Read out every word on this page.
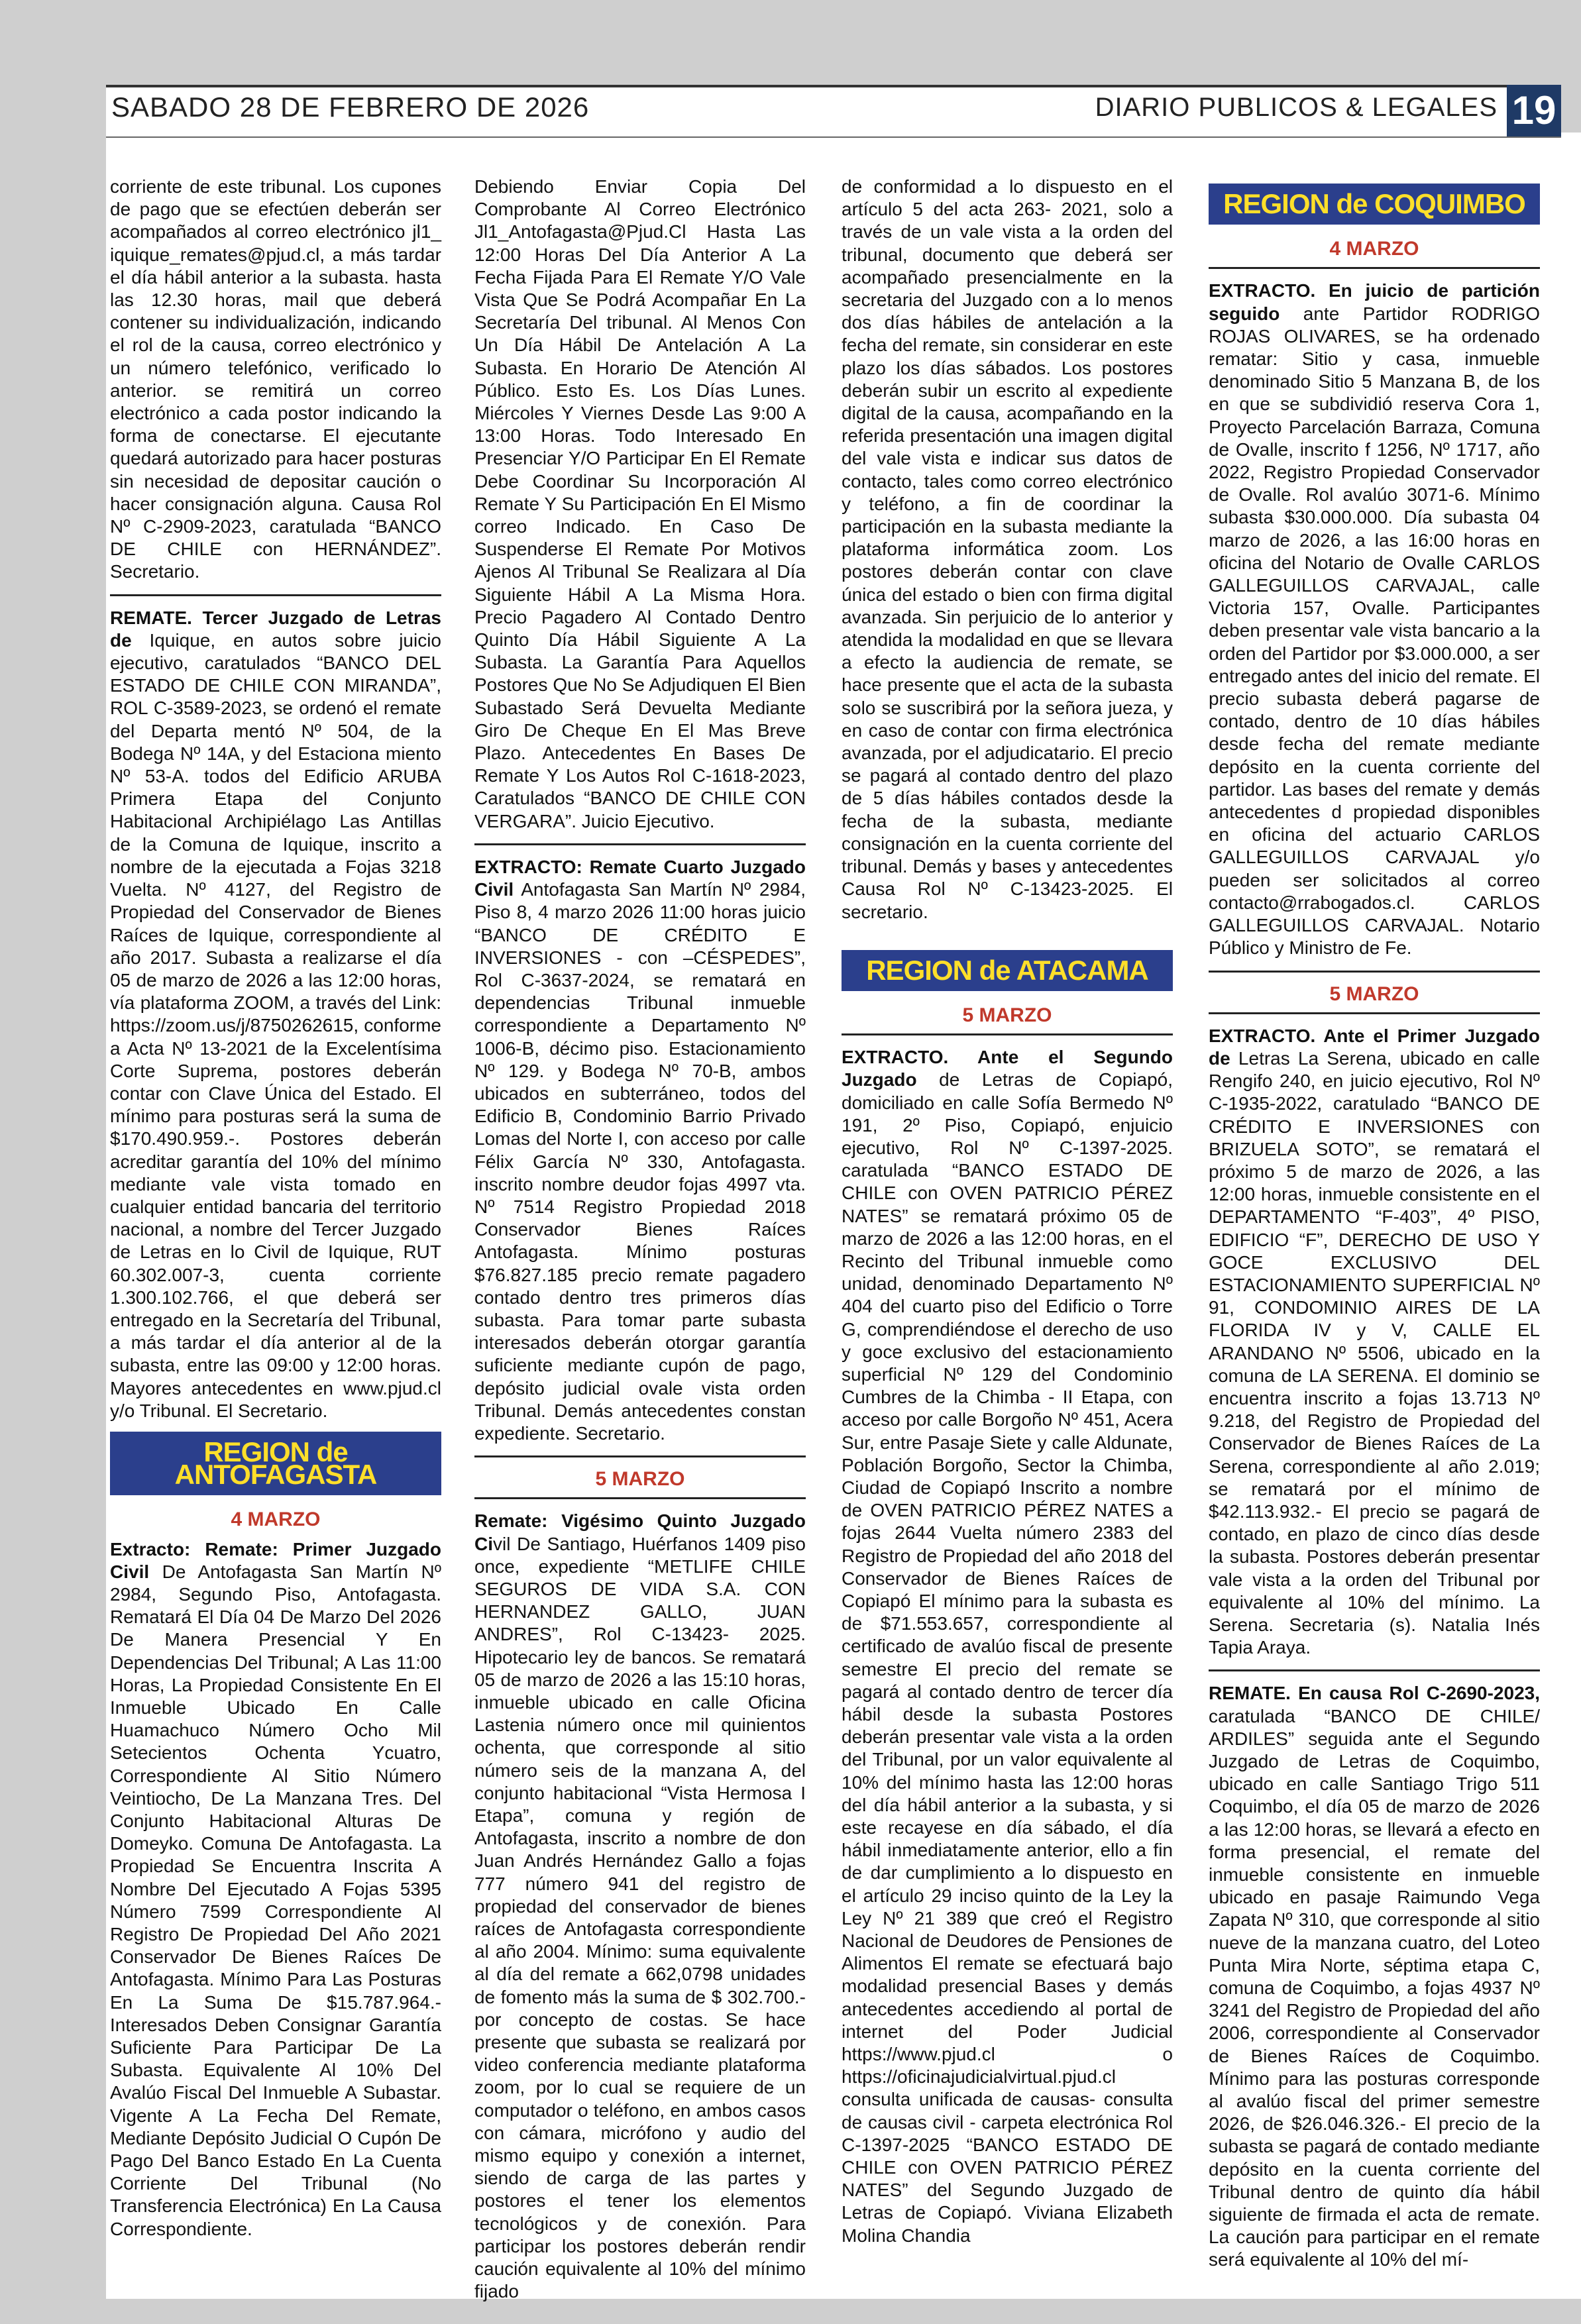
SABADO 28 DE FEBRERO DE 2026	DIARIO PUBLICOS & LEGALES 19

corriente de este tribunal. Los cupones de pago que se efectúen deberán ser acompañados al correo electrónico jl1_ iquique_remates@pjud.cl, a más tardar el día hábil anterior a la subasta. hasta las 12.30 horas, mail que deberá contener su individualización, indicando el rol de la causa, correo electrónico y un número telefónico, verificado lo anterior. se remitirá un correo electrónico a cada postor indicando la forma de conectarse. El ejecutante quedará autorizado para hacer posturas sin necesidad de depositar caución o hacer consignación alguna. Causa Rol Nº C-2909-2023, caratulada “BANCO DE CHILE con HERNÁNDEZ”. Secretario.

REMATE. Tercer Juzgado de Letras de Iquique, en autos sobre juicio ejecutivo, caratulados “BANCO DEL ESTADO DE CHILE CON MIRANDA”, ROL C-3589-2023, se ordenó el remate del Departa mentó Nº 504, de la Bodega Nº 14A, y del Estaciona miento Nº 53-A. todos del Edificio ARUBA Primera Etapa del Conjunto Habitacional Archipiélago Las Antillas de la Comuna de Iquique, inscrito a nombre de la ejecutada a Fojas 3218 Vuelta. Nº 4127, del Registro de Propiedad del Conservador de Bienes Raíces de Iquique, correspondiente al año 2017. Subasta a realizarse el día 05 de marzo de 2026 a las 12:00 horas, vía plataforma ZOOM, a través del Link: https://zoom.us/j/8750262615, conforme a Acta Nº 13-2021 de la Excelentísima Corte Suprema, postores deberán contar con Clave Única del Estado. El mínimo para posturas será la suma de $170.490.959.-. Postores deberán acreditar garantía del 10% del mínimo mediante vale vista tomado en cualquier entidad bancaria del territorio nacional, a nombre del Tercer Juzgado de Letras en lo Civil de Iquique, RUT 60.302.007-3, cuenta corriente 1.300.102.766, el que deberá ser entregado en la Secretaría del Tribunal, a más tardar el día anterior al de la subasta, entre las 09:00 y 12:00 horas. Mayores antecedentes en www.pjud.cl y/o Tribunal. El Secretario.

REGION de ANTOFAGASTA
4 MARZO

Extracto: Remate: Primer Juzgado Civil De Antofagasta San Martín Nº 2984, Segundo Piso, Antofagasta. Rematará El Día 04 De Marzo Del 2026 De Manera Presencial Y En Dependencias Del Tribunal; A Las 11:00 Horas, La Propiedad Consistente En El Inmueble Ubicado En Calle Huamachuco Número Ocho Mil Setecientos Ochenta Ycuatro, Correspondiente Al Sitio Número Veintiocho, De La Manzana Tres. Del Conjunto Habitacional Alturas De Domeyko. Comuna De Antofagasta. La Propiedad Se Encuentra Inscrita A Nombre Del Ejecutado A Fojas 5395 Número 7599 Correspondiente Al Registro De Propiedad Del Año 2021 Conservador De Bienes Raíces De Antofagasta. Mínimo Para Las Posturas En La Suma De $15.787.964.- Interesados Deben Consignar Garantía Suficiente Para Participar De La Subasta. Equivalente Al 10% Del Avalúo Fiscal Del Inmueble A Subastar. Vigente A La Fecha Del Remate, Mediante Depósito Judicial O Cupón De Pago Del Banco Estado En La Cuenta Corriente Del Tribunal (No Transferencia Electrónica) En La Causa Correspondiente.

Debiendo Enviar Copia Del Comprobante Al Correo Electrónico Jl1_Antofagasta@Pjud.Cl Hasta Las 12:00 Horas Del Día Anterior A La Fecha Fijada Para El Remate Y/O Vale Vista Que Se Podrá Acompañar En La Secretaría Del tribunal. Al Menos Con Un Día Hábil De Antelación A La Subasta. En Horario De Atención Al Público. Esto Es. Los Días Lunes. Miércoles Y Viernes Desde Las 9:00 A 13:00 Horas. Todo Interesado En Presenciar Y/O Participar En El Remate Debe Coordinar Su Incorporación Al Remate Y Su Participación En El Mismo correo Indicado. En Caso De Suspenderse El Remate Por Motivos Ajenos Al Tribunal Se Realizara al Día Siguiente Hábil A La Misma Hora. Precio Pagadero Al Contado Dentro Quinto Día Hábil Siguiente A La Subasta. La Garantía Para Aquellos Postores Que No Se Adjudiquen El Bien Subastado Será Devuelta Mediante Giro De Cheque En El Mas Breve Plazo. Antecedentes En Bases De Remate Y Los Autos Rol C-1618-2023, Caratulados “BANCO DE CHILE CON VERGARA”. Juicio Ejecutivo.

EXTRACTO: Remate Cuarto Juzgado Civil Antofagasta San Martín Nº 2984, Piso 8, 4 marzo 2026 11:00 horas juicio “BANCO DE CRÉDITO E INVERSIONES - con –CÉSPEDES”, Rol C-3637-2024, se rematará en dependencias Tribunal inmueble correspondiente a Departamento Nº 1006-B, décimo piso. Estacionamiento Nº 129. y Bodega Nº 70-B, ambos ubicados en subterráneo, todos del Edificio B, Condominio Barrio Privado Lomas del Norte I, con acceso por calle Félix García Nº 330, Antofagasta. inscrito nombre deudor fojas 4997 vta. Nº 7514 Registro Propiedad 2018 Conservador Bienes Raíces Antofagasta. Mínimo posturas $76.827.185 precio remate pagadero contado dentro tres primeros días subasta. Para tomar parte subasta interesados deberán otorgar garantía suficiente mediante cupón de pago, depósito judicial ovale vista orden Tribunal. Demás antecedentes constan expediente. Secretario.

5 MARZO

Remate: Vigésimo Quinto Juzgado Civil De Santiago, Huérfanos 1409 piso once, expediente “METLIFE CHILE SEGUROS DE VIDA S.A. CON HERNANDEZ GALLO, JUAN ANDRES”, Rol C-13423- 2025. Hipotecario ley de bancos. Se rematará 05 de marzo de 2026 a las 15:10 horas, inmueble ubicado en calle Oficina Lastenia número once mil quinientos ochenta, que corresponde al sitio número seis de la manzana A, del conjunto habitacional “Vista Hermosa I Etapa”, comuna y región de Antofagasta, inscrito a nombre de don Juan Andrés Hernández Gallo a fojas 777 número 941 del registro de propiedad del conservador de bienes raíces de Antofagasta correspondiente al año 2004. Mínimo: suma equivalente al día del remate a 662,0798 unidades de fomento más la suma de $ 302.700.- por concepto de costas. Se hace presente que subasta se realizará por video conferencia mediante plataforma zoom, por lo cual se requiere de un computador o teléfono, en ambos casos con cámara, micrófono y audio del mismo equipo y conexión a internet, siendo de carga de las partes y postores el tener los elementos tecnológicos y de conexión. Para participar los postores deberán rendir caución equivalente al 10% del mínimo fijado

de conformidad a lo dispuesto en el artículo 5 del acta 263- 2021, solo a través de un vale vista a la orden del tribunal, documento que deberá ser acompañado presencialmente en la secretaria del Juzgado con a lo menos dos días hábiles de antelación a la fecha del remate, sin considerar en este plazo los días sábados. Los postores deberán subir un escrito al expediente digital de la causa, acompañando en la referida presentación una imagen digital del vale vista e indicar sus datos de contacto, tales como correo electrónico y teléfono, a fin de coordinar la participación en la subasta mediante la plataforma informática zoom. Los postores deberán contar con clave única del estado o bien con firma digital avanzada. Sin perjuicio de lo anterior y atendida la modalidad en que se llevara a efecto la audiencia de remate, se hace presente que el acta de la subasta solo se suscribirá por la señora jueza, y en caso de contar con firma electrónica avanzada, por el adjudicatario. El precio se pagará al contado dentro del plazo de 5 días hábiles contados desde la fecha de la subasta, mediante consignación en la cuenta corriente del tribunal. Demás y bases y antecedentes Causa Rol Nº C-13423-2025. El secretario.

REGION de ATACAMA
5 MARZO

EXTRACTO. Ante el Segundo Juzgado de Letras de Copiapó, domiciliado en calle Sofía Bermedo Nº 191, 2º Piso, Copiapó, enjuicio ejecutivo, Rol Nº C-1397-2025. caratulada “BANCO ESTADO DE CHILE con OVEN PATRICIO PÉREZ NATES” se rematará próximo 05 de marzo de 2026 a las 12:00 horas, en el Recinto del Tribunal inmueble como unidad, denominado Departamento Nº 404 del cuarto piso del Edificio o Torre G, comprendiéndose el derecho de uso y goce exclusivo del estacionamiento superficial Nº 129 del Condominio Cumbres de la Chimba - II Etapa, con acceso por calle Borgoño Nº 451, Acera Sur, entre Pasaje Siete y calle Aldunate, Población Borgoño, Sector la Chimba, Ciudad de Copiapó Inscrito a nombre de OVEN PATRICIO PÉREZ NATES a fojas 2644 Vuelta número 2383 del Registro de Propiedad del año 2018 del Conservador de Bienes Raíces de Copiapó El mínimo para la subasta es de $71.553.657, correspondiente al certificado de avalúo fiscal de presente semestre El precio del remate se pagará al contado dentro de tercer día hábil desde la subasta Postores deberán presentar vale vista a la orden del Tribunal, por un valor equivalente al 10% del mínimo hasta las 12:00 horas del día hábil anterior a la subasta, y si este recayese en día sábado, el día hábil inmediatamente anterior, ello a fin de dar cumplimiento a lo dispuesto en el artículo 29 inciso quinto de la Ley la Ley Nº 21 389 que creó el Registro Nacional de Deudores de Pensiones de Alimentos El remate se efectuará bajo modalidad presencial Bases y demás antecedentes accediendo al portal de internet del Poder Judicial https://www.pjud.cl o https://oficinajudicialvirtual.pjud.cl consulta unificada de causas- consulta de causas civil - carpeta electrónica Rol C-1397-2025 “BANCO ESTADO DE CHILE con OVEN PATRICIO PÉREZ NATES” del Segundo Juzgado de Letras de Copiapó. Viviana Elizabeth Molina Chandia

REGION de COQUIMBO
4 MARZO

EXTRACTO. En juicio de partición seguido ante Partidor RODRIGO ROJAS OLIVARES, se ha ordenado rematar: Sitio y casa, inmueble denominado Sitio 5 Manzana B, de los en que se subdividió reserva Cora 1, Proyecto Parcelación Barraza, Comuna de Ovalle, inscrito f 1256, Nº 1717, año 2022, Registro Propiedad Conservador de Ovalle. Rol avalúo 3071-6. Mínimo subasta $30.000.000. Día subasta 04 marzo de 2026, a las 16:00 horas en oficina del Notario de Ovalle CARLOS GALLEGUILLOS CARVAJAL, calle Victoria 157, Ovalle. Participantes deben presentar vale vista bancario a la orden del Partidor por $3.000.000, a ser entregado antes del inicio del remate. El precio subasta deberá pagarse de contado, dentro de 10 días hábiles desde fecha del remate mediante depósito en la cuenta corriente del partidor. Las bases del remate y demás antecedentes d propiedad disponibles en oficina del actuario CARLOS GALLEGUILLOS CARVAJAL y/o pueden ser solicitados al correo contacto@rrabogados.cl. CARLOS GALLEGUILLOS CARVAJAL. Notario Público y Ministro de Fe.

5 MARZO

EXTRACTO. Ante el Primer Juzgado de Letras La Serena, ubicado en calle Rengifo 240, en juicio ejecutivo, Rol Nº C-1935-2022, caratulado “BANCO DE CRÉDITO E INVERSIONES con BRIZUELA SOTO”, se rematará el próximo 5 de marzo de 2026, a las 12:00 horas, inmueble consistente en el DEPARTAMENTO “F-403”, 4º PISO, EDIFICIO “F”, DERECHO DE USO Y GOCE EXCLUSIVO DEL ESTACIONAMIENTO SUPERFICIAL Nº 91, CONDOMINIO AIRES DE LA FLORIDA IV y V, CALLE EL ARANDANO Nº 5506, ubicado en la comuna de LA SERENA. El dominio se encuentra inscrito a fojas 13.713 Nº 9.218, del Registro de Propiedad del Conservador de Bienes Raíces de La Serena, correspondiente al año 2.019; se rematará por el mínimo de $42.113.932.- El precio se pagará de contado, en plazo de cinco días desde la subasta. Postores deberán presentar vale vista a la orden del Tribunal por equivalente al 10% del mínimo. La Serena. Secretaria (s). Natalia Inés Tapia Araya.

REMATE. En causa Rol C-2690-2023, caratulada “BANCO DE CHILE/ ARDILES” seguida ante el Segundo Juzgado de Letras de Coquimbo, ubicado en calle Santiago Trigo 511 Coquimbo, el día 05 de marzo de 2026 a las 12:00 horas, se llevará a efecto en forma presencial, el remate del inmueble consistente en inmueble ubicado en pasaje Raimundo Vega Zapata Nº 310, que corresponde al sitio nueve de la manzana cuatro, del Loteo Punta Mira Norte, séptima etapa C, comuna de Coquimbo, a fojas 4937 Nº 3241 del Registro de Propiedad del año 2006, correspondiente al Conservador de Bienes Raíces de Coquimbo. Mínimo para las posturas corresponde al avalúo fiscal del primer semestre 2026, de $26.046.326.- El precio de la subasta se pagará de contado mediante depósito en la cuenta corriente del Tribunal dentro de quinto día hábil siguiente de firmada el acta de remate. La caución para participar en el remate será equivalente al 10% del mí-
